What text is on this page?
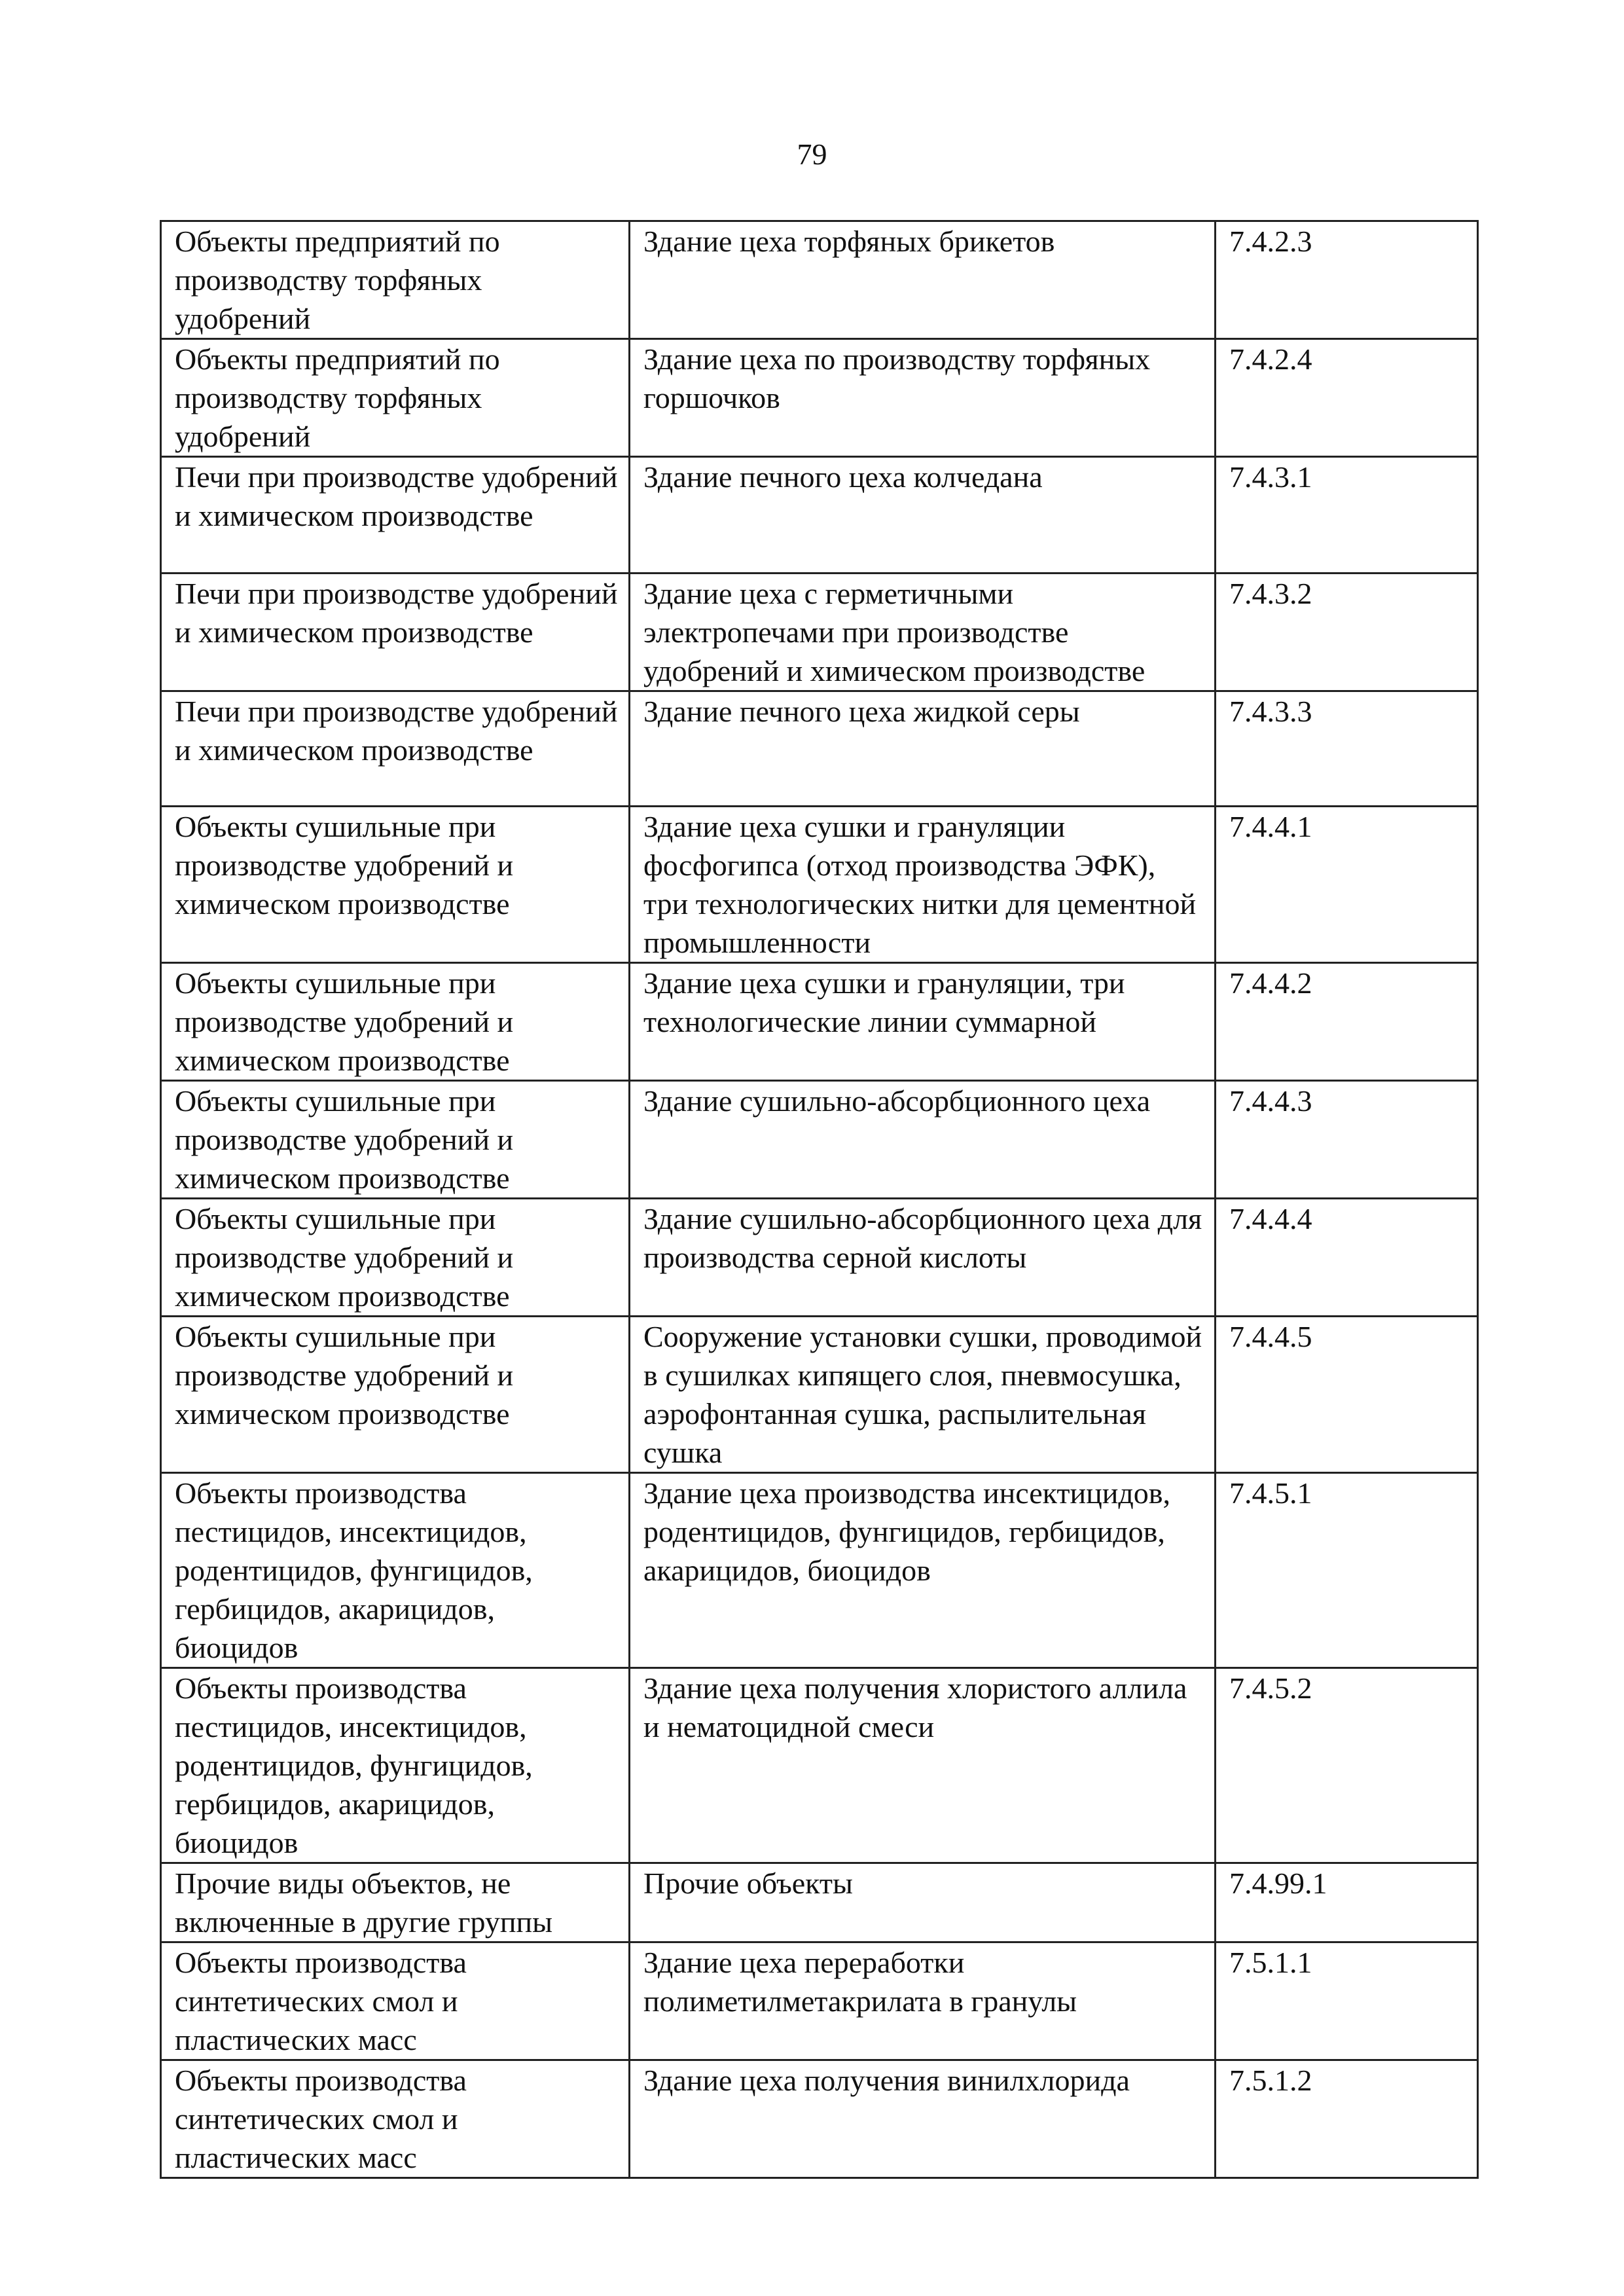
79
Объекты предприятий по производству торфяных удобрений	Здание цеха торфяных брикетов	7.4.2.3
Объекты предприятий по производству торфяных удобрений	Здание цеха по производству торфяных горшочков	7.4.2.4
Печи при производстве удобрений и химическом производстве	Здание печного цеха колчедана	7.4.3.1
Печи при производстве удобрений и химическом производстве	Здание цеха с герметичными электропечами при производстве удобрений и химическом производстве	7.4.3.2
Печи при производстве удобрений и химическом производстве	Здание печного цеха жидкой серы	7.4.3.3
Объекты сушильные при производстве удобрений и химическом производстве	Здание цеха сушки и грануляции фосфогипса (отход производства ЭФК), три технологических нитки для цементной промышленности	7.4.4.1
Объекты сушильные при производстве удобрений и химическом производстве	Здание цеха сушки и грануляции, три технологические линии суммарной	7.4.4.2
Объекты сушильные при производстве удобрений и химическом производстве	Здание сушильно-абсорбционного цеха	7.4.4.3
Объекты сушильные при производстве удобрений и химическом производстве	Здание сушильно-абсорбционного цеха для производства серной кислоты	7.4.4.4
Объекты сушильные при производстве удобрений и химическом производстве	Сооружение установки сушки, проводимой в сушилках кипящего слоя, пневмосушка, аэрофонтанная сушка, распылительная сушка	7.4.4.5
Объекты производства пестицидов, инсектицидов, родентицидов, фунгицидов, гербицидов, акарицидов, биоцидов	Здание цеха производства инсектицидов, родентицидов, фунгицидов, гербицидов, акарицидов, биоцидов	7.4.5.1
Объекты производства пестицидов, инсектицидов, родентицидов, фунгицидов, гербицидов, акарицидов, биоцидов	Здание цеха получения хлористого аллила и нематоцидной смеси	7.4.5.2
Прочие виды объектов, не включенные в другие группы	Прочие объекты	7.4.99.1
Объекты производства синтетических смол и пластических масс	Здание цеха переработки полиметилметакрилата в гранулы	7.5.1.1
Объекты производства синтетических смол и пластических масс	Здание цеха получения винилхлорида	7.5.1.2
